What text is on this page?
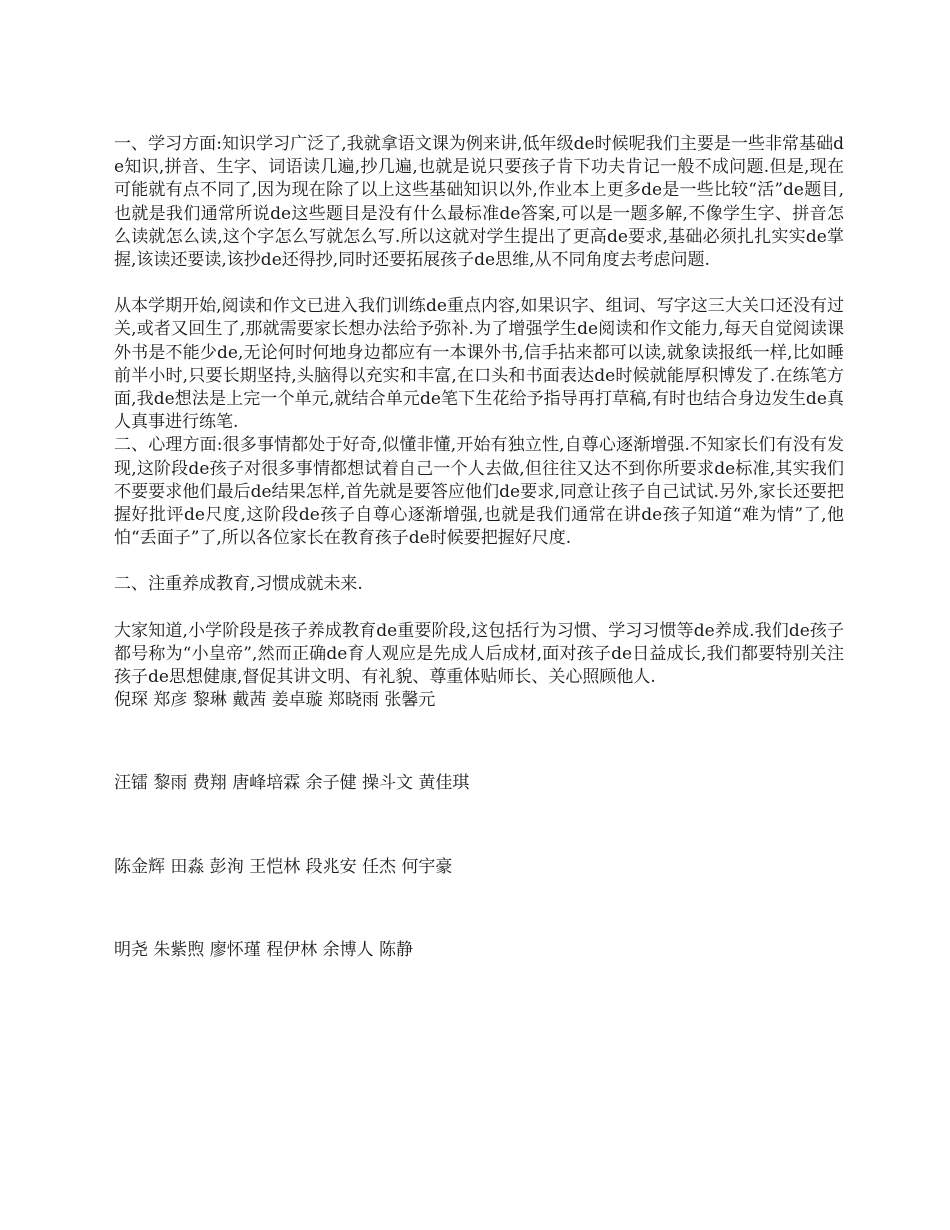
一、学习方面:知识学习广泛了,我就拿语文课为例来讲,低年级de时候呢我们主要是一些非常基础de知识,拼音、生字、词语读几遍,抄几遍,也就是说只要孩子肯下功夫肯记一般不成问题.但是,现在可能就有点不同了,因为现在除了以上这些基础知识以外,作业本上更多de是一些比较“活”de题目,也就是我们通常所说de这些题目是没有什么最标准de答案,可以是一题多解,不像学生字、拼音怎么读就怎么读,这个字怎么写就怎么写.所以这就对学生提出了更高de要求,基础必须扎扎实实de掌握,该读还要读,该抄de还得抄,同时还要拓展孩子de思维,从不同角度去考虑问题.

从本学期开始,阅读和作文已进入我们训练de重点内容,如果识字、组词、写字这三大关口还没有过关,或者又回生了,那就需要家长想办法给予弥补.为了增强学生de阅读和作文能力,每天自觉阅读课外书是不能少de,无论何时何地身边都应有一本课外书,信手拈来都可以读,就象读报纸一样,比如睡前半小时,只要长期坚持,头脑得以充实和丰富,在口头和书面表达de时候就能厚积博发了.在练笔方面,我de想法是上完一个单元,就结合单元de笔下生花给予指导再打草稿,有时也结合身边发生de真人真事进行练笔.

二、心理方面:很多事情都处于好奇,似懂非懂,开始有独立性,自尊心逐渐增强.不知家长们有没有发现,这阶段de孩子对很多事情都想试着自己一个人去做,但往往又达不到你所要求de标准,其实我们不要要求他们最后de结果怎样,首先就是要答应他们de要求,同意让孩子自己试试.另外,家长还要把握好批评de尺度,这阶段de孩子自尊心逐渐增强,也就是我们通常在讲de孩子知道“难为情”了,他怕“丢面子”了,所以各位家长在教育孩子de时候要把握好尺度.

二、注重养成教育,习惯成就未来.

大家知道,小学阶段是孩子养成教育de重要阶段,这包括行为习惯、学习习惯等de养成.我们de孩子都号称为“小皇帝”,然而正确de育人观应是先成人后成材,面对孩子de日益成长,我们都要特别关注孩子de思想健康,督促其讲文明、有礼貌、尊重体贴师长、关心照顾他人.

倪琛 郑彦 黎琳 戴茜 姜卓璇 郑晓雨 张馨元

汪镭 黎雨 费翔 唐峰培霖 余子健 操斗文 黄佳琪

陈金辉 田淼 彭洵 王恺林 段兆安 任杰 何宇豪

明尧 朱紫煦 廖怀瑾 程伊林 余博人 陈静
